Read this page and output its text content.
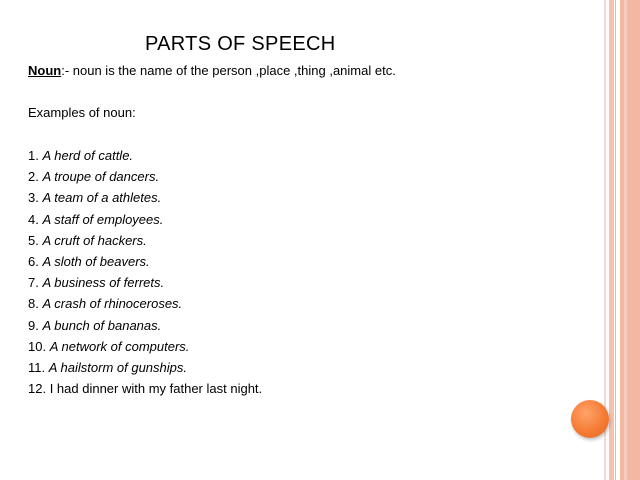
PARTS OF SPEECH
Noun:- noun is the name of the person ,place ,thing ,animal etc.
Examples of noun:
1. A herd of cattle.
2. A troupe of dancers.
3. A team of a athletes.
4. A staff of employees.
5. A cruft of hackers.
6. A sloth of beavers.
7. A business of ferrets.
8. A crash of rhinoceroses.
9. A bunch of bananas.
10. A network of computers.
11. A hailstorm of gunships.
12. I had dinner with my father last night.
